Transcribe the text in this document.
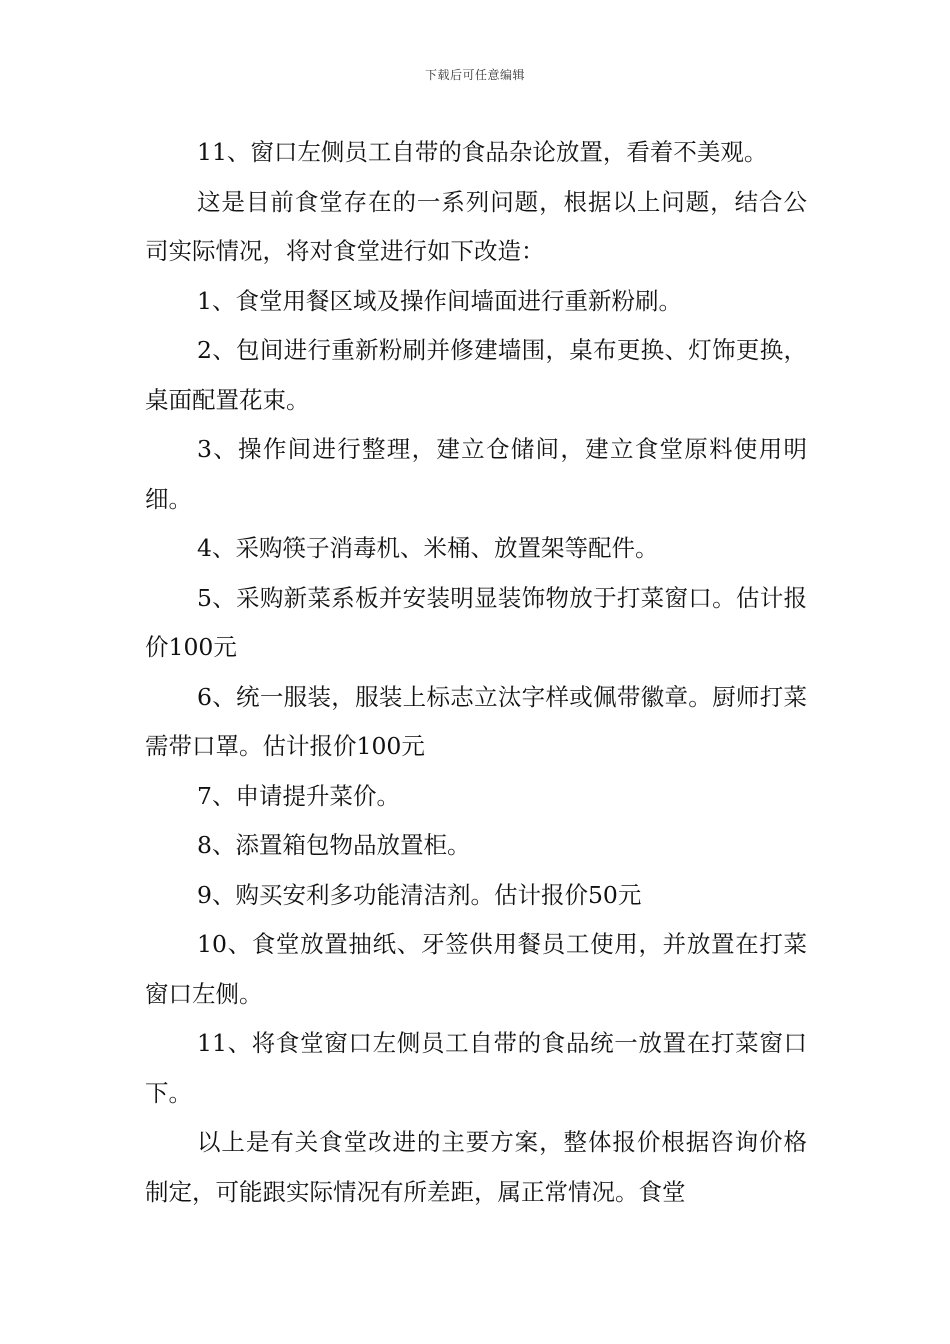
下载后可任意编辑

11、窗口左侧员工自带的食品杂论放置，看着不美观。

这是目前食堂存在的一系列问题，根据以上问题，结合公司实际情况，将对食堂进行如下改造：

1、食堂用餐区域及操作间墙面进行重新粉刷。

2、包间进行重新粉刷并修建墙围，桌布更换、灯饰更换，桌面配置花束。

3、操作间进行整理，建立仓储间，建立食堂原料使用明细。

4、采购筷子消毒机、米桶、放置架等配件。

5、采购新菜系板并安装明显装饰物放于打菜窗口。估计报价100元

6、统一服装，服装上标志立汰字样或佩带徽章。厨师打菜需带口罩。估计报价100元

7、申请提升菜价。

8、添置箱包物品放置柜。

9、购买安利多功能清洁剂。估计报价50元

10、食堂放置抽纸、牙签供用餐员工使用，并放置在打菜窗口左侧。

11、将食堂窗口左侧员工自带的食品统一放置在打菜窗口下。

以上是有关食堂改进的主要方案，整体报价根据咨询价格制定，可能跟实际情况有所差距，属正常情况。食堂
